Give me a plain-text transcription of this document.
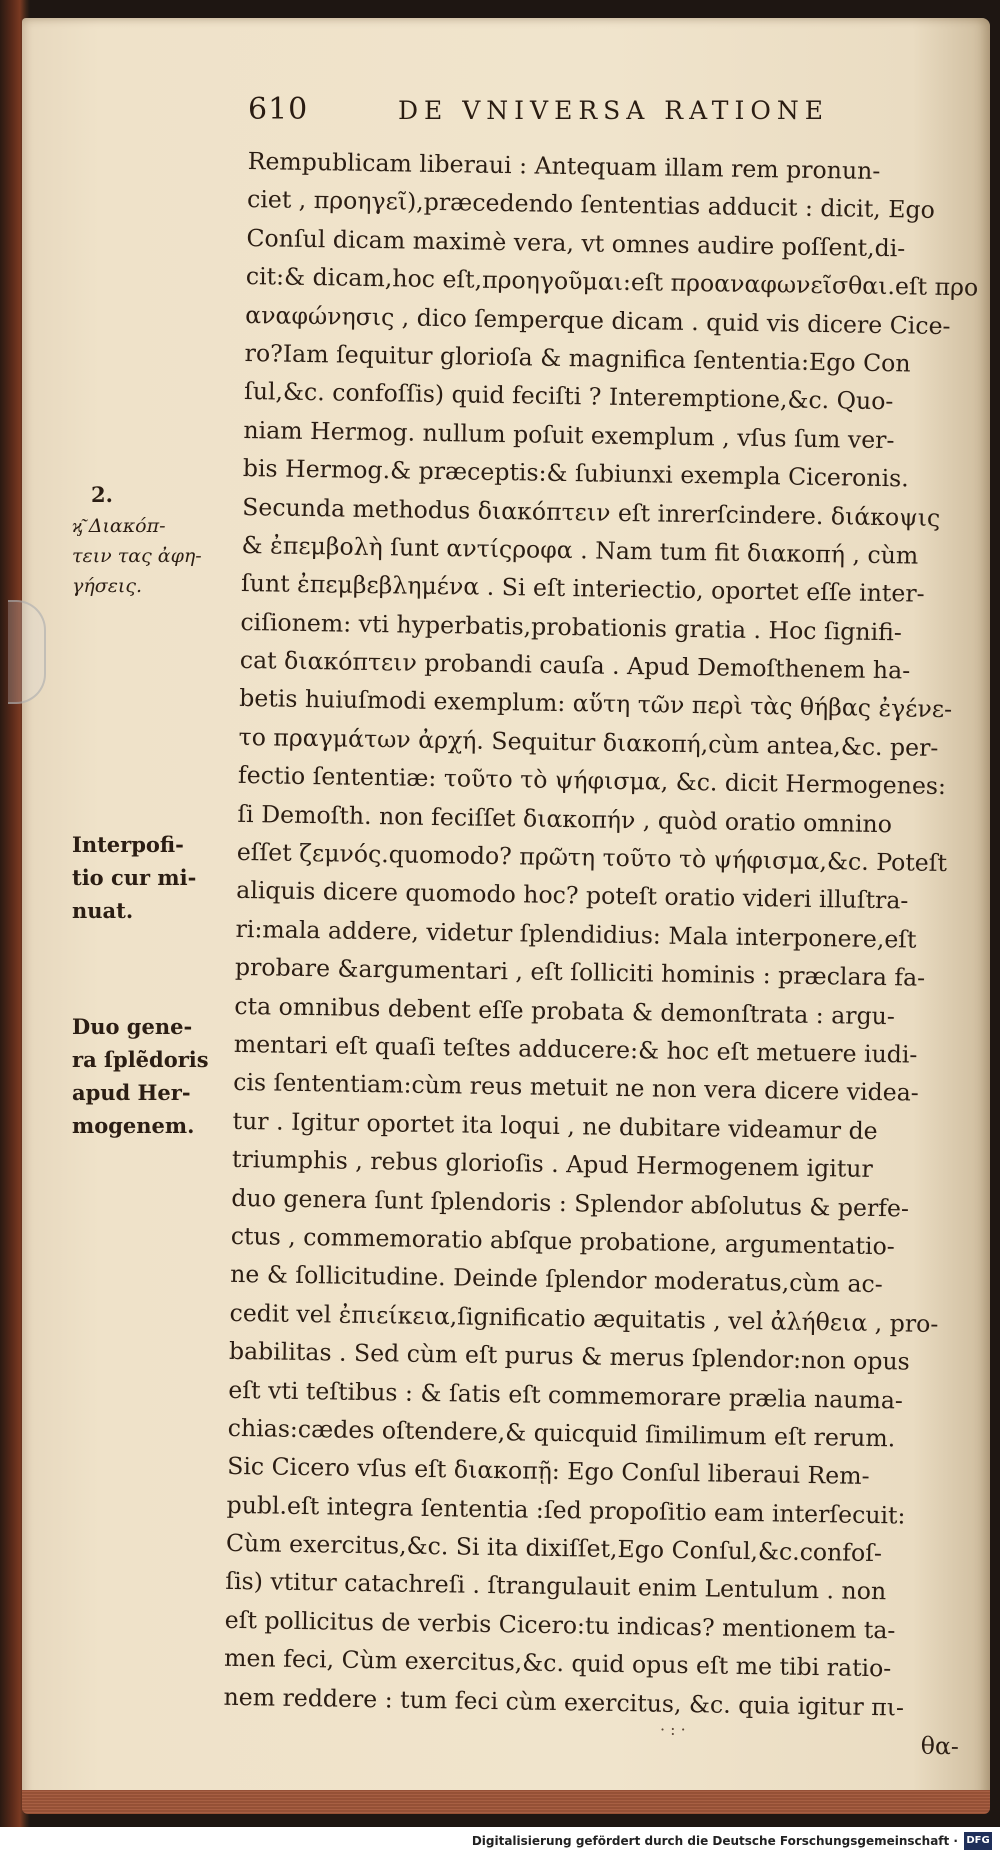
610	DE VNIVERSA RATIONE
Rempublicam liberaui : Antequam illam rem pronun-
ciet , προηγεῖ),præcedendo ſententias adducit : dicit, Ego
Conſul dicam maximè vera, vt omnes audire poſſent,di-
cit:& dicam,hoc eſt,προηγοῦμαι:eſt προαναφωνεῖσθαι.eſt προ
αναφώνησις , dico ſemperque dicam . quid vis dicere Cice-
ro?Iam ſequitur glorioſa & magnifica ſententia:Ego Con
ſul,&c. confoſſis) quid feciſti ? Interemptione,&c. Quo-
niam Hermog. nullum poſuit exemplum , vſus ſum ver-
bis Hermog.& præceptis:& ſubiunxi exempla Ciceronis.
Secunda methodus διακόπτειν eſt inrerſcindere. διάκοψις
& ἐπεμβολὴ ſunt αντίςροφα . Nam tum fit διακοπή , cùm
ſunt ἐπεμβεβλημένα . Si eſt interiectio, oportet eſſe inter-
ciſionem: vti hyperbatis,probationis gratia . Hoc ſignifi-
cat διακόπτειν probandi cauſa . Apud Demoſthenem ha-
betis huiuſmodi exemplum: αὕτη τῶν περὶ τὰς θήβας ἐγένε-
το πραγμάτων ἀρχή. Sequitur διακοπή,cùm antea,&c. per-
fectio ſententiæ: τοῦτο τὸ ψήφισμα, &c. dicit Hermogenes:
ſi Demoſth. non feciſſet διακοπήν , quòd oratio omnino
eſſet ζεμνός.quomodo? πρῶτη τοῦτο τὸ ψήφισμα,&c. Poteſt
aliquis dicere quomodo hoc? poteſt oratio videri illuſtra-
ri:mala addere, videtur ſplendidius: Mala interponere,eſt
probare &argumentari , eſt ſolliciti hominis : præclara fa-
cta omnibus debent eſſe probata & demonſtrata : argu-
mentari eſt quaſi teſtes adducere:& hoc eſt metuere iudi-
cis ſententiam:cùm reus metuit ne non vera dicere videa-
tur . Igitur oportet ita loqui , ne dubitare videamur de
triumphis , rebus glorioſis . Apud Hermogenem igitur
duo genera ſunt ſplendoris : Splendor abſolutus & perfe-
ctus , commemoratio abſque probatione, argumentatio-
ne & ſollicitudine. Deinde ſplendor moderatus,cùm ac-
cedit vel ἐπιείκεια,ſignificatio æquitatis , vel ἀλήθεια , pro-
babilitas . Sed cùm eſt purus & merus ſplendor:non opus
eſt vti teſtibus : & ſatis eſt commemorare prælia nauma-
chias:cædes oſtendere,& quicquid ſimilimum eſt rerum.
Sic Cicero vſus eſt διακοπῇ: Ego Conſul liberaui Rem-
publ.eſt integra ſententia :ſed propoſitio eam interſecuit:
Cùm exercitus,&c. Si ita dixiſſet,Ego Conſul,&c.confoſ-
ſis) vtitur catachreſi . ſtrangulauit enim Lentulum . non
eſt pollicitus de verbis Cicero:tu indicas? mentionem ta-
men feci, Cùm exercitus,&c. quid opus eſt me tibi ratio-
nem reddere : tum feci cùm exercitus, &c. quia igitur πι-
θα-
2.
ϗ͂ Διακόπ-
τειν τας ἀφη-
γήσεις.
Interpofi-
tio cur mi-
nuat.
Duo gene-
ra ſplẽdoris
apud Her-
mogenem.
· : ·
Digitalisierung gefördert durch die Deutsche Forschungsgemeinschaft · DFG
